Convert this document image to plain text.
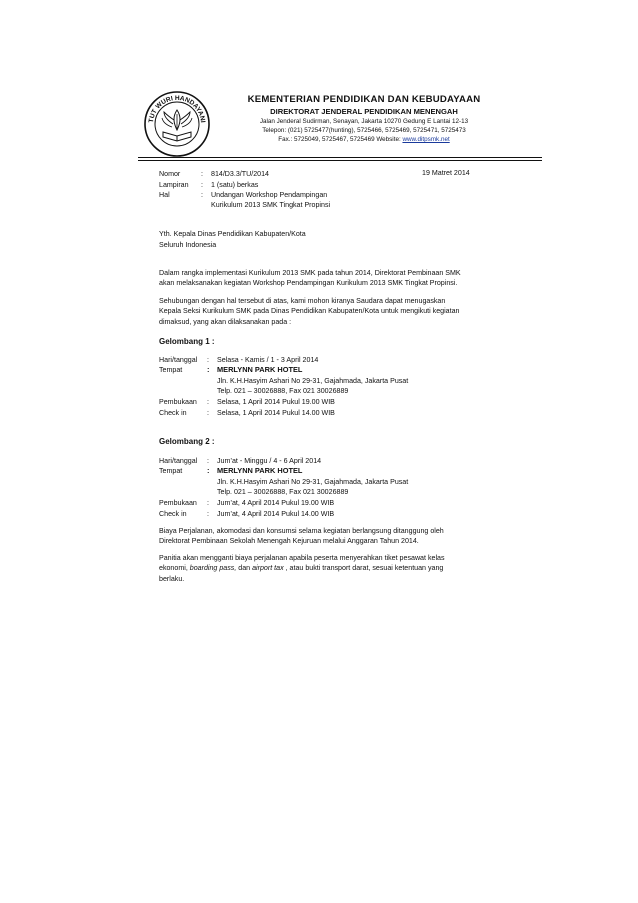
TUT WURI HANDAYANI
KEMENTERIAN PENDIDIKAN DAN KEBUDAYAAN
DIREKTORAT JENDERAL PENDIDIKAN MENENGAH
Jalan Jenderal Sudirman, Senayan, Jakarta 10270 Gedung E Lantai 12-13
Telepon: (021) 5725477(hunting), 5725466, 5725469, 5725471, 5725473
Fax.: 5725049, 5725467, 5725469 Website: www.ditpsmk.net
Nomor	: 814/D3.3/TU/2014	19 Matret 2014
Lampiran : 1 (satu) berkas
Hal	: Undangan Workshop Pendampingan
Kurikulum 2013 SMK Tingkat Propinsi
Yth. Kepala Dinas Pendidikan Kabupaten/Kota
Seluruh Indonesia
Dalam rangka implementasi Kurikulum 2013 SMK pada tahun 2014, Direktorat Pembinaan SMK
akan melaksanakan kegiatan Workshop Pendampingan Kurikulum 2013 SMK Tingkat Propinsi.
Sehubungan dengan hal tersebut di atas, kami mohon kiranya Saudara dapat menugaskan
Kepala Seksi Kurikulum SMK pada Dinas Pendidikan Kabupaten/Kota untuk mengikuti kegiatan
dimaksud, yang akan dilaksanakan pada :
Gelombang 1 :
Hari/tanggal : Selasa - Kamis / 1 - 3 April 2014
Tempat	: MERLYNN PARK HOTEL
Jln. K.H.Hasyim Ashari No 29-31, Gajahmada, Jakarta Pusat
Telp. 021 – 30026888, Fax 021 30026889
Pembukaan : Selasa, 1 April 2014 Pukul 19.00 WIB
Check in	: Selasa, 1 April 2014 Pukul 14.00 WIB
Gelombang 2 :
Hari/tanggal : Jum’at - Minggu / 4 - 6 April 2014
Tempat	: MERLYNN PARK HOTEL
Jln. K.H.Hasyim Ashari No 29-31, Gajahmada, Jakarta Pusat
Telp. 021 – 30026888, Fax 021 30026889
Pembukaan : Jum’at, 4 April 2014 Pukul 19.00 WIB
Check in	: Jum’at, 4 April 2014 Pukul 14.00 WIB
Biaya Perjalanan, akomodasi dan konsumsi selama kegiatan berlangsung ditanggung oleh
Direktorat Pembinaan Sekolah Menengah Kejuruan melalui Anggaran Tahun 2014.
Panitia akan mengganti biaya perjalanan apabila peserta menyerahkan tiket pesawat kelas
ekonomi, boarding pass, dan airport tax , atau bukti transport darat, sesuai ketentuan yang
berlaku.
